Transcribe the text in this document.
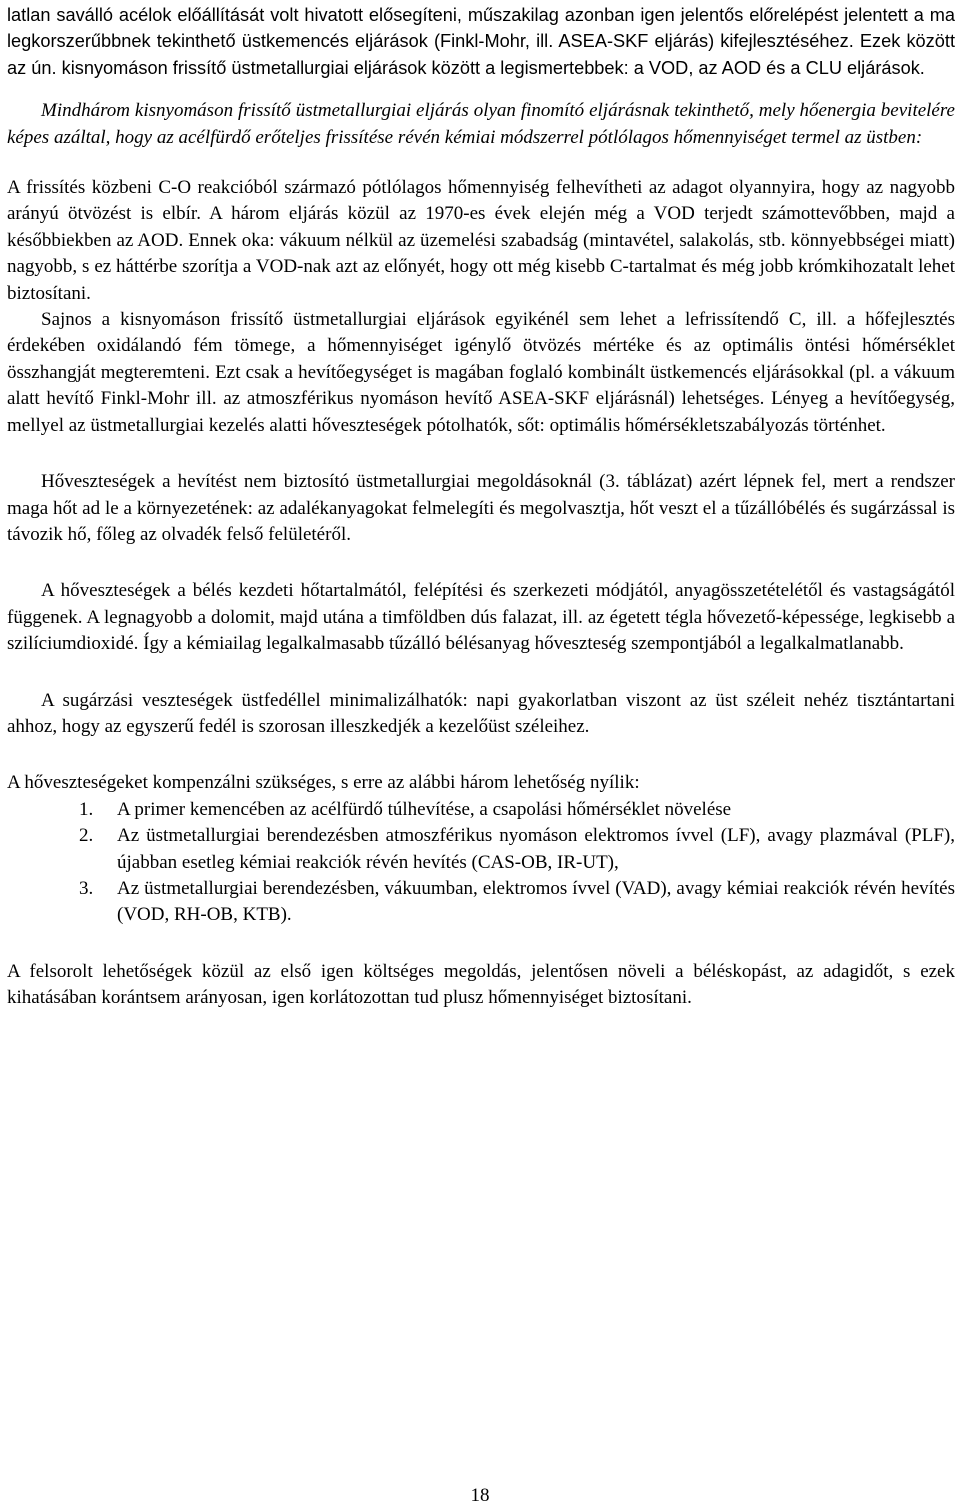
latlan saválló acélok előállítását volt hivatott elősegíteni, műszakilag azonban igen jelentős előrelépést jelentett a ma legkorszerűbbnek tekinthető üstkemencés eljárások (Finkl-Mohr, ill. ASEA-SKF eljárás) kifejlesztéséhez. Ezek között az ún. kisnyomáson frissítő üstmetallurgiai eljárások között a legismertebbek: a VOD, az AOD és a CLU eljárások.

Mindhárom kisnyomáson frissítő üstmetallurgiai eljárás olyan finomító eljárásnak tekinthető, mely hőenergia bevitelére képes azáltal, hogy az acélfürdő erőteljes frissítése révén kémiai módszerrel pótlólagos hőmennyiséget termel az üstben:

A frissítés közbeni C-O reakcióból származó pótlólagos hőmennyiség felhevítheti az adagot olyannyira, hogy az nagyobb arányú ötvözést is elbír. A három eljárás közül az 1970-es évek elején még a VOD terjedt számottevőbben, majd a későbbiekben az AOD. Ennek oka: vákuum nélkül az üzemelési szabadság (mintavétel, salakolás, stb. könnyebbségei miatt) nagyobb, s ez háttérbe szorítja a VOD-nak azt az előnyét, hogy ott még kisebb C-tartalmat és még jobb krómkihozatalt lehet biztosítani.

Sajnos a kisnyomáson frissítő üstmetallurgiai eljárások egyikénél sem lehet a lefrissítendő C, ill. a hőfejlesztés érdekében oxidálandó fém tömege, a hőmennyiséget igénylő ötvözés mértéke és az optimális öntési hőmérséklet összhangját megteremteni. Ezt csak a hevítőegységet is magában foglaló kombinált üstkemencés eljárásokkal (pl. a vákuum alatt hevítő Finkl-Mohr ill. az atmoszférikus nyomáson hevítő ASEA-SKF eljárásnál) lehetséges. Lényeg a hevítőegység, mellyel az üstmetallurgiai kezelés alatti hőveszteségek pótolhatók, sőt: optimális hőmérsékletszabályozás történhet.

Hőveszteségek a hevítést nem biztosító üstmetallurgiai megoldásoknál (3. táblázat) azért lépnek fel, mert a rendszer maga hőt ad le a környezetének: az adalékanyagokat felmelegíti és megolvasztja, hőt veszt el a tűzállóbélés és sugárzással is távozik hő, főleg az olvadék felső felületéről.

A hőveszteségek a bélés kezdeti hőtartalmától, felépítési és szerkezeti módjától, anyagösszetételétől és vastagságától függenek. A legnagyobb a dolomit, majd utána a timföldben dús falazat, ill. az égetett tégla hővezető-képessége, legkisebb a szilíciumdioxidé. Így a kémiailag legalkalmasabb tűzálló bélésanyag hőveszteség szempontjából a legalkalmatlanabb.

A sugárzási veszteségek üstfedéllel minimalizálhatók: napi gyakorlatban viszont az üst széleit nehéz tisztántartani ahhoz, hogy az egyszerű fedél is szorosan illeszkedjék a kezelőüst széleihez.

A hőveszteségeket kompenzálni szükséges, s erre az alábbi három lehetőség nyílik:

1. A primer kemencében az acélfürdő túlhevítése, a csapolási hőmérséklet növelése
2. Az üstmetallurgiai berendezésben atmoszférikus nyomáson elektromos ívvel (LF), avagy plazmával (PLF), újabban esetleg kémiai reakciók révén hevítés (CAS-OB, IR-UT),
3. Az üstmetallurgiai berendezésben, vákuumban, elektromos ívvel (VAD), avagy kémiai reakciók révén hevítés (VOD, RH-OB, KTB).

A felsorolt lehetőségek közül az első igen költséges megoldás, jelentősen növeli a béléskopást, az adagidőt, s ezek kihatásában korántsem arányosan, igen korlátozottan tud plusz hőmennyiséget biztosítani.

18
